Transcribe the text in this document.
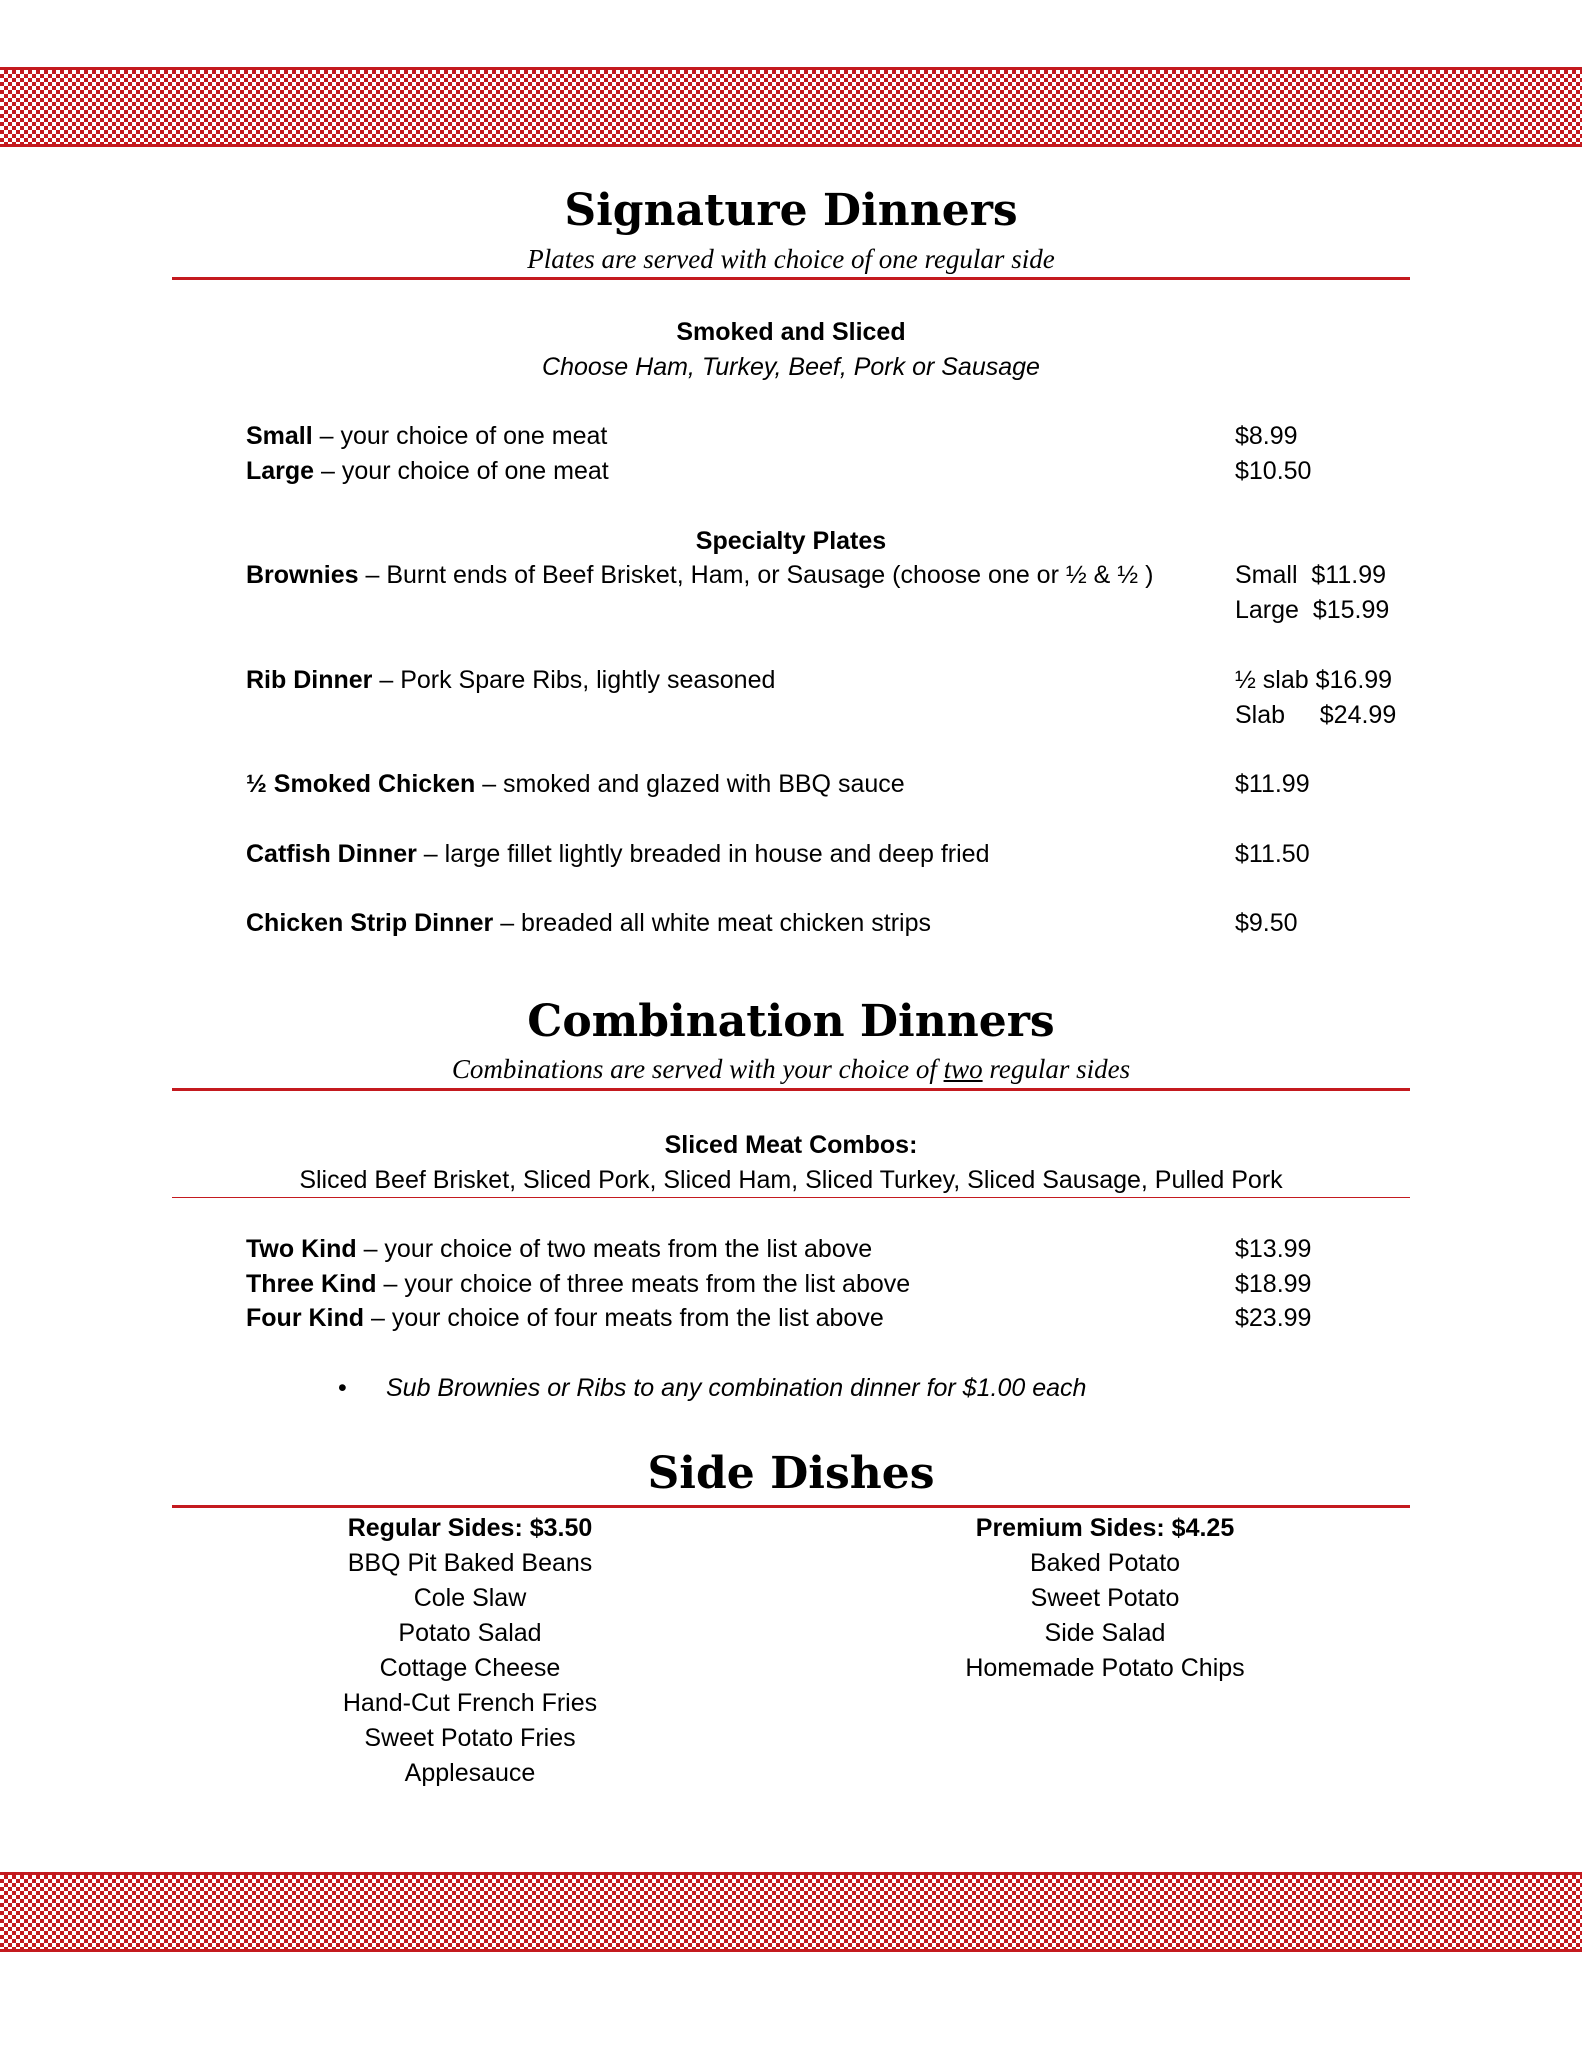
Signature Dinners
Plates are served with choice of one regular side
Smoked and Sliced
Choose Ham, Turkey, Beef, Pork or Sausage
Small – your choice of one meat	$8.99
Large – your choice of one meat	$10.50
Specialty Plates
Brownies – Burnt ends of Beef Brisket, Ham, or Sausage (choose one or ½ & ½ )	Small  $11.99
Large  $15.99
Rib Dinner – Pork Spare Ribs, lightly seasoned	½ slab $16.99
Slab     $24.99
½ Smoked Chicken – smoked and glazed with BBQ sauce	$11.99
Catfish Dinner – large fillet lightly breaded in house and deep fried	$11.50
Chicken Strip Dinner – breaded all white meat chicken strips	$9.50
Combination Dinners
Combinations are served with your choice of two regular sides
Sliced Meat Combos:
Sliced Beef Brisket, Sliced Pork, Sliced Ham, Sliced Turkey, Sliced Sausage, Pulled Pork
Two Kind – your choice of two meats from the list above	$13.99
Three Kind – your choice of three meats from the list above	$18.99
Four Kind – your choice of four meats from the list above	$23.99
• Sub Brownies or Ribs to any combination dinner for $1.00 each
Side Dishes
Regular Sides: $3.50
BBQ Pit Baked Beans
Cole Slaw
Potato Salad
Cottage Cheese
Hand-Cut French Fries
Sweet Potato Fries
Applesauce
Premium Sides: $4.25
Baked Potato
Sweet Potato
Side Salad
Homemade Potato Chips
